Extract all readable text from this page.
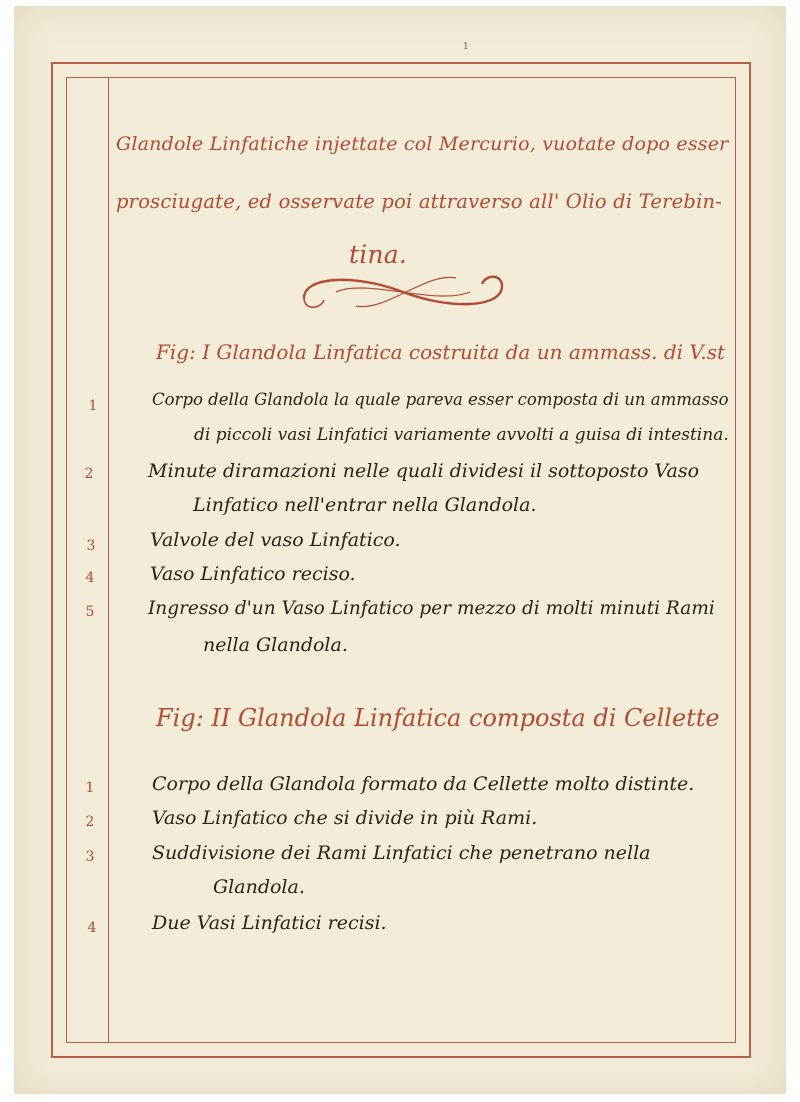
1
Glandole Linfatiche injettate col Mercurio, vuotate dopo esser
prosciugate, ed osservate poi attraverso all' Olio di Terebin-
tina.
Fig: I Glandola Linfatica costruita da un ammass. di V.st
1	Corpo della Glandola la quale pareva esser composta di un ammasso
di piccoli vasi Linfatici variamente avvolti a guisa di intestina.
2	Minute diramazioni nelle quali dividesi il sottoposto Vaso
Linfatico nell'entrar nella Glandola.
3	Valvole del vaso Linfatico.
4	Vaso Linfatico reciso.
5	Ingresso d'un Vaso Linfatico per mezzo di molti minuti Rami
nella Glandola.
Fig: II Glandola Linfatica composta di Cellette
1	Corpo della Glandola formato da Cellette molto distinte.
2	Vaso Linfatico che si divide in più Rami.
3	Suddivisione dei Rami Linfatici che penetrano nella
Glandola.
4	Due Vasi Linfatici recisi.
